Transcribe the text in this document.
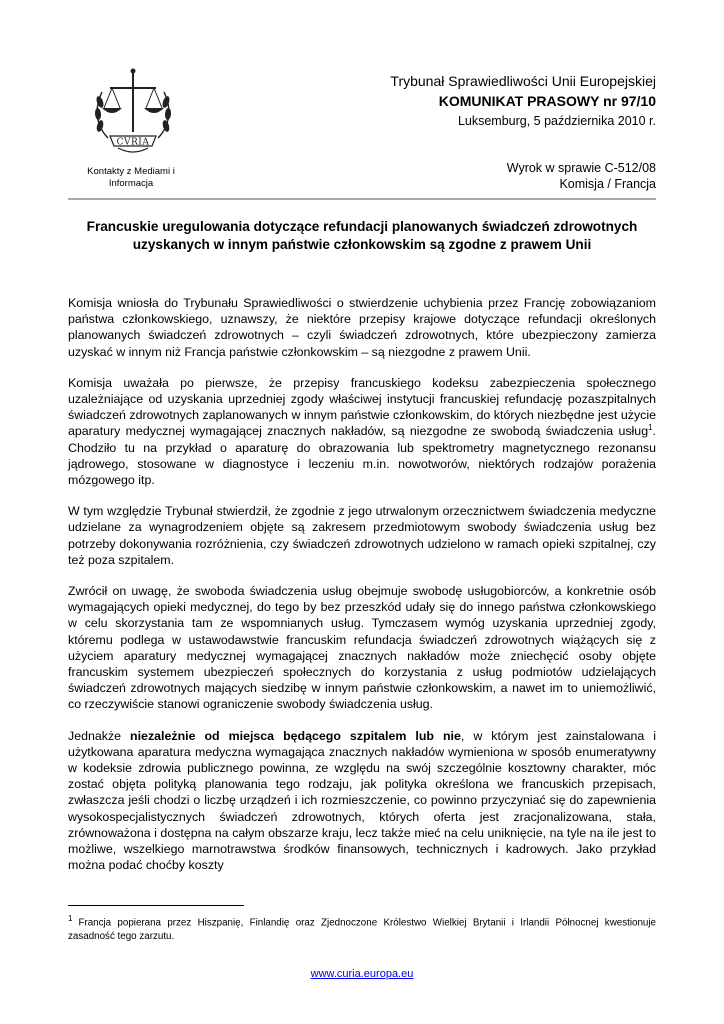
CVRIA
Kontakty z Mediami i
Informacja
Trybunał Sprawiedliwości Unii Europejskiej
KOMUNIKAT PRASOWY nr 97/10
Luksemburg, 5 października 2010 r.
Wyrok w sprawie C-512/08
Komisja / Francja
Francuskie uregulowania dotyczące refundacji planowanych świadczeń zdrowotnych uzyskanych w innym państwie członkowskim są zgodne z prawem Unii

Komisja wniosła do Trybunału Sprawiedliwości o stwierdzenie uchybienia przez Francję zobowiązaniom państwa członkowskiego, uznawszy, że niektóre przepisy krajowe dotyczące refundacji określonych planowanych świadczeń zdrowotnych – czyli świadczeń zdrowotnych, które ubezpieczony zamierza uzyskać w innym niż Francja państwie członkowskim – są niezgodne z prawem Unii.

Komisja uważała po pierwsze, że przepisy francuskiego kodeksu zabezpieczenia społecznego uzależniające od uzyskania uprzedniej zgody właściwej instytucji francuskiej refundację pozaszpitalnych świadczeń zdrowotnych zaplanowanych w innym państwie członkowskim, do których niezbędne jest użycie aparatury medycznej wymagającej znacznych nakładów, są niezgodne ze swobodą świadczenia usług$^1$. Chodziło tu na przykład o aparaturę do obrazowania lub spektrometry magnetycznego rezonansu jądrowego, stosowane w diagnostyce i leczeniu m.in. nowotworów, niektórych rodzajów porażenia mózgowego itp.

W tym względzie Trybunał stwierdził, że zgodnie z jego utrwalonym orzecznictwem świadczenia medyczne udzielane za wynagrodzeniem objęte są zakresem przedmiotowym swobody świadczenia usług bez potrzeby dokonywania rozróżnienia, czy świadczeń zdrowotnych udzielono w ramach opieki szpitalnej, czy też poza szpitalem.

Zwrócił on uwagę, że swoboda świadczenia usług obejmuje swobodę usługobiorców, a konkretnie osób wymagających opieki medycznej, do tego by bez przeszkód udały się do innego państwa członkowskiego w celu skorzystania tam ze wspomnianych usług. Tymczasem wymóg uzyskania uprzedniej zgody, któremu podlega w ustawodawstwie francuskim refundacja świadczeń zdrowotnych wiążących się z użyciem aparatury medycznej wymagającej znacznych nakładów może zniechęcić osoby objęte francuskim systemem ubezpieczeń społecznych do korzystania z usług podmiotów udzielających świadczeń zdrowotnych mających siedzibę w innym państwie członkowskim, a nawet im to uniemożliwić, co rzeczywiście stanowi ograniczenie swobody świadczenia usług.

Jednakże niezależnie od miejsca będącego szpitalem lub nie, w którym jest zainstalowana i użytkowana aparatura medyczna wymagająca znacznych nakładów wymieniona w sposób enumeratywny w kodeksie zdrowia publicznego powinna, ze względu na swój szczególnie kosztowny charakter, móc zostać objęta polityką planowania tego rodzaju, jak polityka określona we francuskich przepisach, zwłaszcza jeśli chodzi o liczbę urządzeń i ich rozmieszczenie, co powinno przyczyniać się do zapewnienia wysokospecjalistycznych świadczeń zdrowotnych, których oferta jest zracjonalizowana, stała, zrównoważona i dostępna na całym obszarze kraju, lecz także mieć na celu uniknięcie, na tyle na ile jest to możliwe, wszelkiego marnotrawstwa środków finansowych, technicznych i kadrowych. Jako przykład można podać choćby koszty

$^1$ Francja popierana przez Hiszpanię, Finlandię oraz Zjednoczone Królestwo Wielkiej Brytanii i Irlandii Północnej kwestionuje zasadność tego zarzutu.
www.curia.europa.eu
